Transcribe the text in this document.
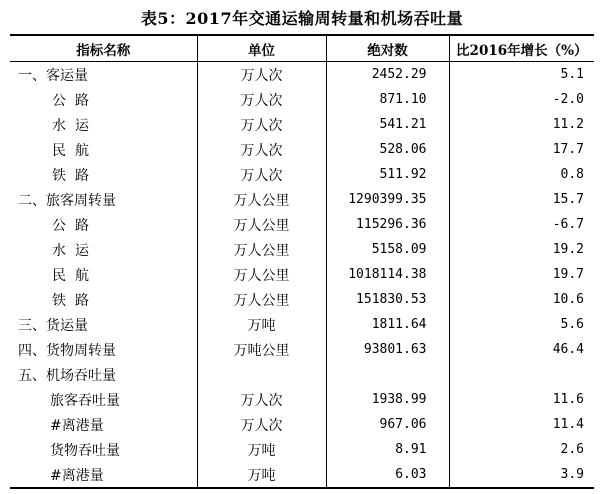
表5：2017年交通运输周转量和机场吞吐量
指标名称	单位	绝对数	比2016年增长（%）
一、客运量	万人次	2452.29	5.1
公路	万人次	871.10	-2.0
水运	万人次	541.21	11.2
民航	万人次	528.06	17.7
铁路	万人次	511.92	0.8
二、旅客周转量	万人公里	1290399.35	15.7
公路	万人公里	115296.36	-6.7
水运	万人公里	5158.09	19.2
民航	万人公里	1018114.38	19.7
铁路	万人公里	151830.53	10.6
三、货运量	万吨	1811.64	5.6
四、货物周转量	万吨公里	93801.63	46.4
五、机场吞吐量			
旅客吞吐量	万人次	1938.99	11.6
#离港量	万人次	967.06	11.4
货物吞吐量	万吨	8.91	2.6
#离港量	万吨	6.03	3.9
